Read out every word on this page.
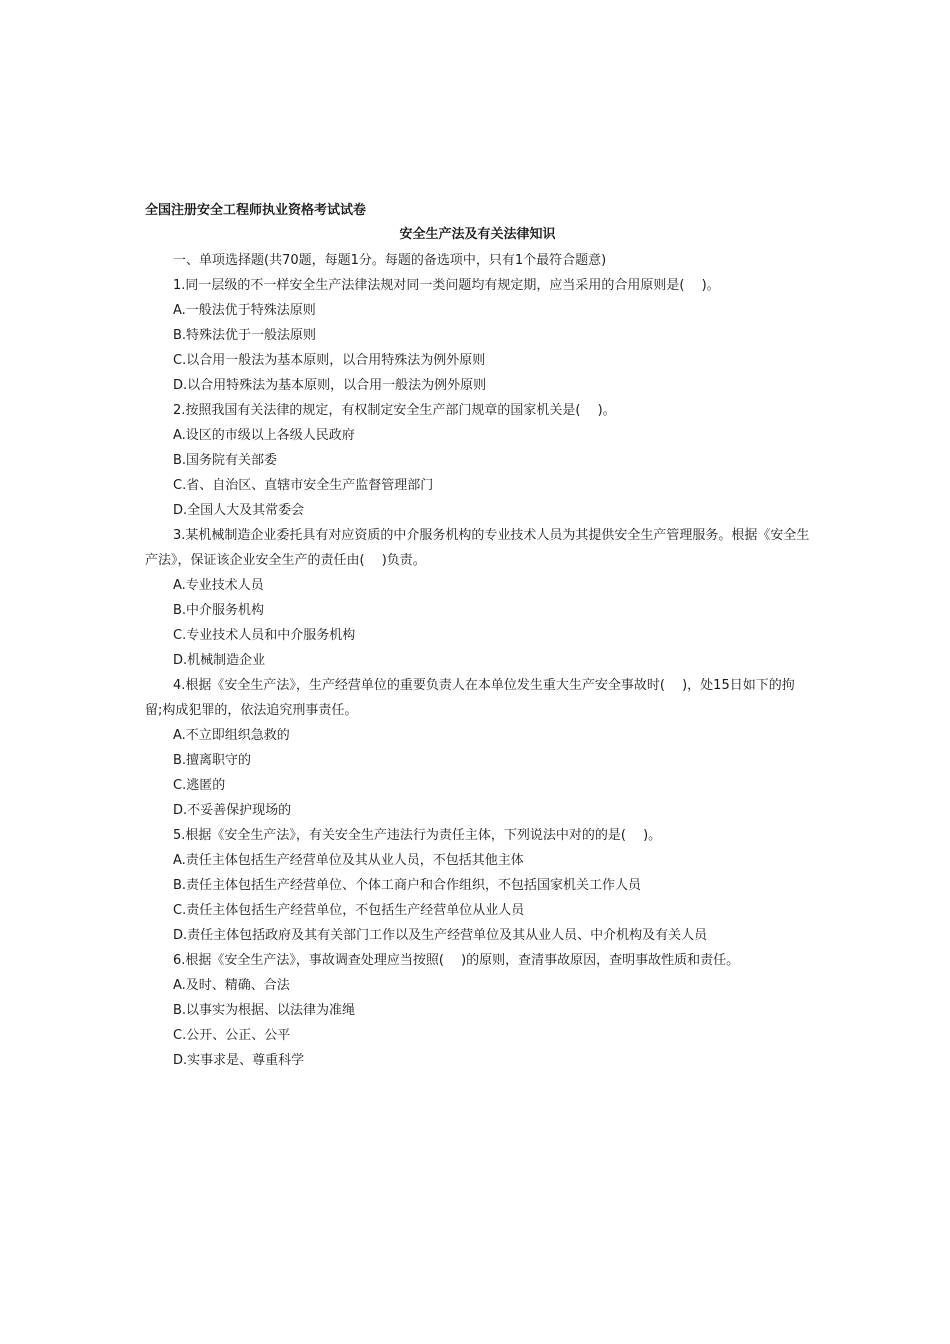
全国注册安全工程师执业资格考试试卷

安全生产法及有关法律知识

一、单项选择题(共70题，每题1分。每题的备选项中，只有1个最符合题意)

1.同一层级的不一样安全生产法律法规对同一类问题均有规定期，应当采用的合用原则是(　 )。

A.一般法优于特殊法原则

B.特殊法优于一般法原则

C.以合用一般法为基本原则，以合用特殊法为例外原则

D.以合用特殊法为基本原则，以合用一般法为例外原则

2.按照我国有关法律的规定，有权制定安全生产部门规章的国家机关是(　 )。

A.设区的市级以上各级人民政府

B.国务院有关部委

C.省、自治区、直辖市安全生产监督管理部门

D.全国人大及其常委会

3.某机械制造企业委托具有对应资质的中介服务机构的专业技术人员为其提供安全生产管理服务。根据《安全生产法》，保证该企业安全生产的责任由(　 )负责。

A.专业技术人员

B.中介服务机构

C.专业技术人员和中介服务机构

D.机械制造企业

4.根据《安全生产法》，生产经营单位的重要负责人在本单位发生重大生产安全事故时(　 )，处15日如下的拘留;构成犯罪的，依法追究刑事责任。

A.不立即组织急救的

B.擅离职守的

C.逃匿的

D.不妥善保护现场的

5.根据《安全生产法》，有关安全生产违法行为责任主体，下列说法中对的的是(　 )。

A.责任主体包括生产经营单位及其从业人员，不包括其他主体

B.责任主体包括生产经营单位、个体工商户和合作组织，不包括国家机关工作人员

C.责任主体包括生产经营单位，不包括生产经营单位从业人员

D.责任主体包括政府及其有关部门工作以及生产经营单位及其从业人员、中介机构及有关人员

6.根据《安全生产法》，事故调查处理应当按照(　 )的原则，查清事故原因，查明事故性质和责任。

A.及时、精确、合法

B.以事实为根据、以法律为准绳

C.公开、公正、公平

D.实事求是、尊重科学
